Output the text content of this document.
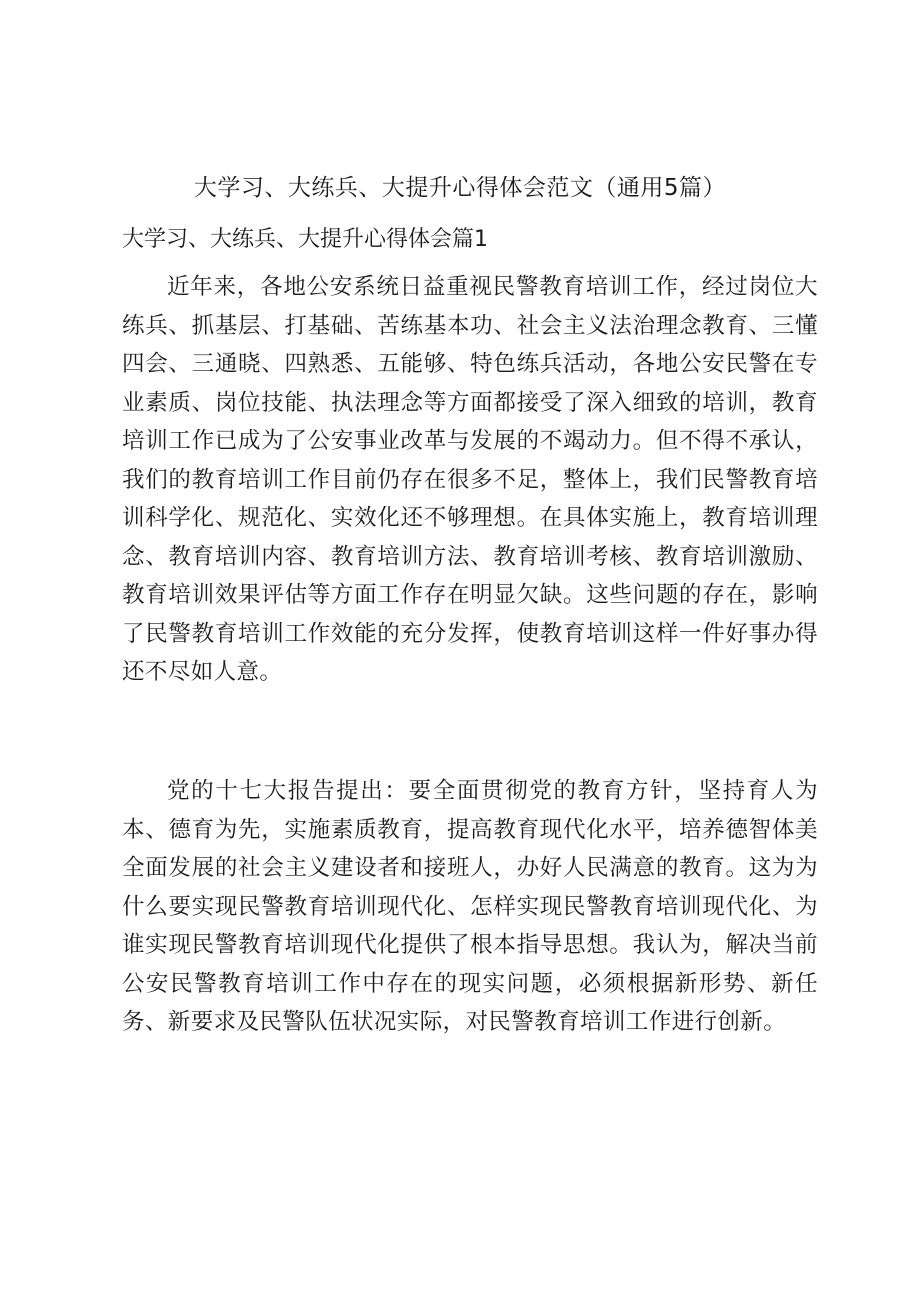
大学习、大练兵、大提升心得体会范文（通用5篇）
大学习、大练兵、大提升心得体会篇1

近年来，各地公安系统日益重视民警教育培训工作，经过岗位大练兵、抓基层、打基础、苦练基本功、社会主义法治理念教育、三懂四会、三通晓、四熟悉、五能够、特色练兵活动，各地公安民警在专业素质、岗位技能、执法理念等方面都接受了深入细致的培训，教育培训工作已成为了公安事业改革与发展的不竭动力。但不得不承认，我们的教育培训工作目前仍存在很多不足，整体上，我们民警教育培训科学化、规范化、实效化还不够理想。在具体实施上，教育培训理念、教育培训内容、教育培训方法、教育培训考核、教育培训激励、教育培训效果评估等方面工作存在明显欠缺。这些问题的存在，影响了民警教育培训工作效能的充分发挥，使教育培训这样一件好事办得还不尽如人意。

党的十七大报告提出：要全面贯彻党的教育方针，坚持育人为本、德育为先，实施素质教育，提高教育现代化水平，培养德智体美全面发展的社会主义建设者和接班人，办好人民满意的教育。这为为什么要实现民警教育培训现代化、怎样实现民警教育培训现代化、为谁实现民警教育培训现代化提供了根本指导思想。我认为，解决当前公安民警教育培训工作中存在的现实问题，必须根据新形势、新任务、新要求及民警队伍状况实际，对民警教育培训工作进行创新。
